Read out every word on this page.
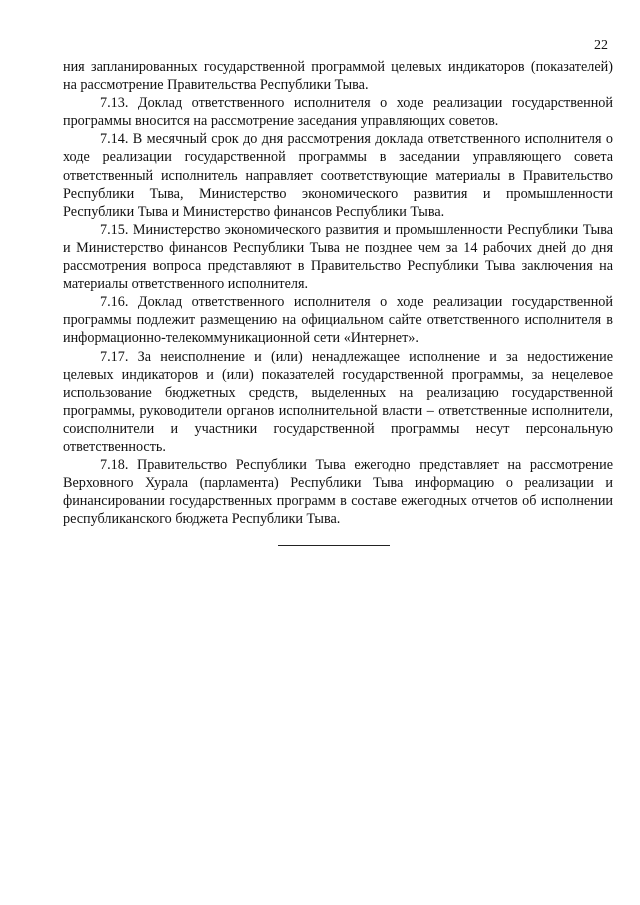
22

ния запланированных государственной программой целевых индикаторов (показателей) на рассмотрение Правительства Республики Тыва.

7.13. Доклад ответственного исполнителя о ходе реализации государственной программы вносится на рассмотрение заседания управляющих советов.

7.14. В месячный срок до дня рассмотрения доклада ответственного исполнителя о ходе реализации государственной программы в заседании управляющего совета ответственный исполнитель направляет соответствующие материалы в Правительство Республики Тыва, Министерство экономического развития и промышленности Республики Тыва и Министерство финансов Республики Тыва.

7.15. Министерство экономического развития и промышленности Республики Тыва и Министерство финансов Республики Тыва не позднее чем за 14 рабочих дней до дня рассмотрения вопроса представляют в Правительство Республики Тыва заключения на материалы ответственного исполнителя.

7.16. Доклад ответственного исполнителя о ходе реализации государственной программы подлежит размещению на официальном сайте ответственного исполнителя в информационно-телекоммуникационной сети «Интернет».

7.17. За неисполнение и (или) ненадлежащее исполнение и за недостижение целевых индикаторов и (или) показателей государственной программы, за нецелевое использование бюджетных средств, выделенных на реализацию государственной программы, руководители органов исполнительной власти – ответственные исполнители, соисполнители и участники государственной программы несут персональную ответственность.

7.18. Правительство Республики Тыва ежегодно представляет на рассмотрение Верховного Хурала (парламента) Республики Тыва информацию о реализации и финансировании государственных программ в составе ежегодных отчетов об исполнении республиканского бюджета Республики Тыва.
